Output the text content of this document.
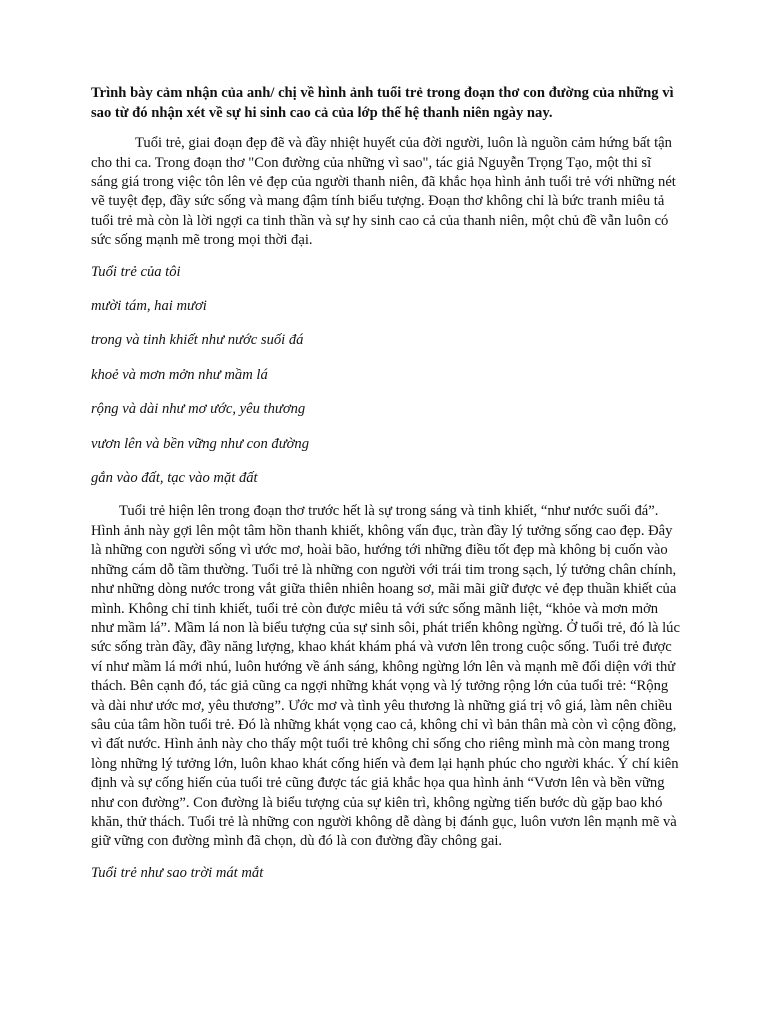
Trình bày cảm nhận của anh/ chị về hình ảnh tuổi trẻ trong đoạn thơ con đường của những vì sao từ đó nhận xét về sự hi sinh cao cả của lớp thế hệ thanh niên ngày nay.

Tuổi trẻ, giai đoạn đẹp đẽ và đầy nhiệt huyết của đời người, luôn là nguồn cảm hứng bất tận cho thi ca. Trong đoạn thơ "Con đường của những vì sao", tác giả Nguyễn Trọng Tạo, một thi sĩ sáng giá trong việc tôn lên vẻ đẹp của người thanh niên, đã khắc họa hình ảnh tuổi trẻ với những nét vẽ tuyệt đẹp, đầy sức sống và mang đậm tính biểu tượng. Đoạn thơ không chỉ là bức tranh miêu tả tuổi trẻ mà còn là lời ngợi ca tinh thần và sự hy sinh cao cả của thanh niên, một chủ đề vẫn luôn có sức sống mạnh mẽ trong mọi thời đại.

Tuổi trẻ của tôi

mười tám, hai mươi

trong và tinh khiết như nước suối đá

khoẻ và mơn mởn như mầm lá

rộng và dài như mơ ước, yêu thương

vươn lên và bền vững như con đường

gắn vào đất, tạc vào mặt đất

Tuổi trẻ hiện lên trong đoạn thơ trước hết là sự trong sáng và tinh khiết, “như nước suối đá”. Hình ảnh này gợi lên một tâm hồn thanh khiết, không vẩn đục, tràn đầy lý tưởng sống cao đẹp. Đây là những con người sống vì ước mơ, hoài bão, hướng tới những điều tốt đẹp mà không bị cuốn vào những cám dỗ tầm thường. Tuổi trẻ là những con người với trái tim trong sạch, lý tưởng chân chính, như những dòng nước trong vắt giữa thiên nhiên hoang sơ, mãi mãi giữ được vẻ đẹp thuần khiết của mình. Không chỉ tinh khiết, tuổi trẻ còn được miêu tả với sức sống mãnh liệt, “khỏe và mơn mởn như mầm lá”. Mầm lá non là biểu tượng của sự sinh sôi, phát triển không ngừng. Ở tuổi trẻ, đó là lúc sức sống tràn đầy, đầy năng lượng, khao khát khám phá và vươn lên trong cuộc sống. Tuổi trẻ được ví như mầm lá mới nhú, luôn hướng về ánh sáng, không ngừng lớn lên và mạnh mẽ đối diện với thử thách. Bên cạnh đó, tác giả cũng ca ngợi những khát vọng và lý tưởng rộng lớn của tuổi trẻ: “Rộng và dài như ước mơ, yêu thương”. Ước mơ và tình yêu thương là những giá trị vô giá, làm nên chiều sâu của tâm hồn tuổi trẻ. Đó là những khát vọng cao cả, không chỉ vì bản thân mà còn vì cộng đồng, vì đất nước. Hình ảnh này cho thấy một tuổi trẻ không chỉ sống cho riêng mình mà còn mang trong lòng những lý tưởng lớn, luôn khao khát cống hiến và đem lại hạnh phúc cho người khác. Ý chí kiên định và sự cống hiến của tuổi trẻ cũng được tác giả khắc họa qua hình ảnh “Vươn lên và bền vững như con đường”. Con đường là biểu tượng của sự kiên trì, không ngừng tiến bước dù gặp bao khó khăn, thử thách. Tuổi trẻ là những con người không dễ dàng bị đánh gục, luôn vươn lên mạnh mẽ và giữ vững con đường mình đã chọn, dù đó là con đường đầy chông gai.

Tuổi trẻ như sao trời mát mắt
